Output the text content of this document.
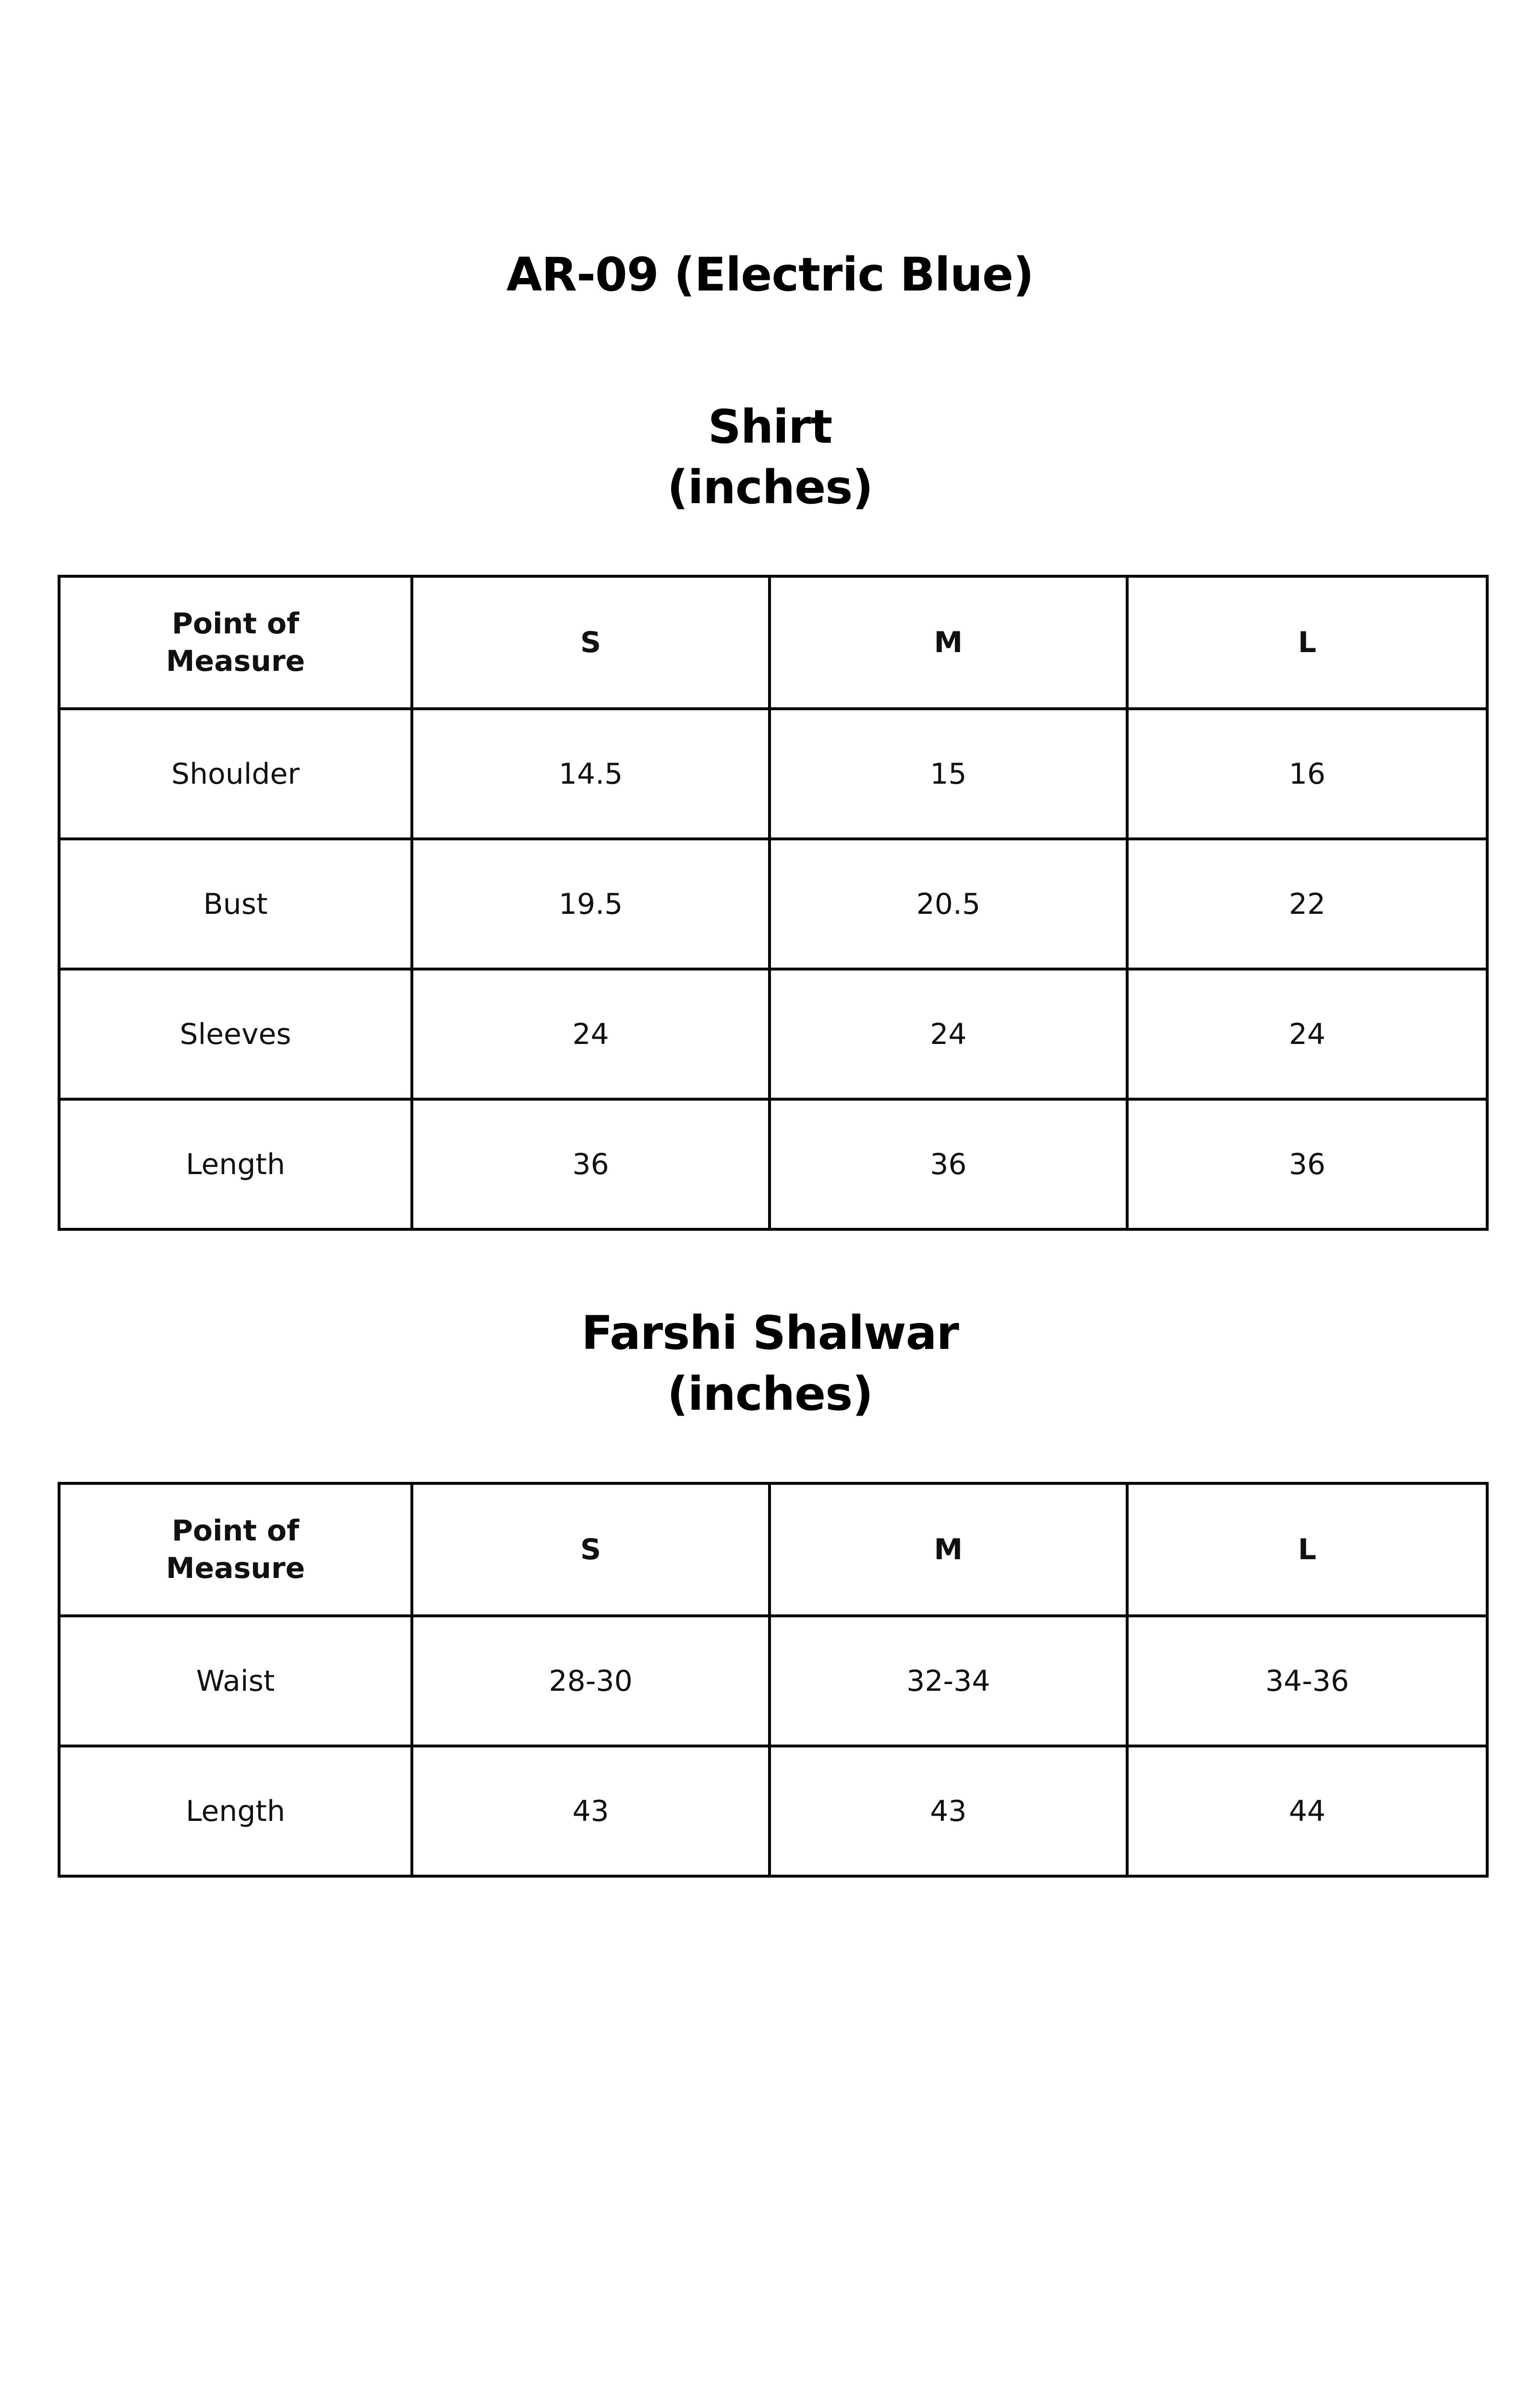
AR-09 (Electric Blue)
Shirt
(inches)
Point of
Measure	S	M	L
Shoulder	14.5	15	16
Bust	19.5	20.5	22
Sleeves	24	24	24
Length	36	36	36
Farshi Shalwar
(inches)
Point of
Measure	S	M	L
Waist	28-30	32-34	34-36
Length	43	43	44
